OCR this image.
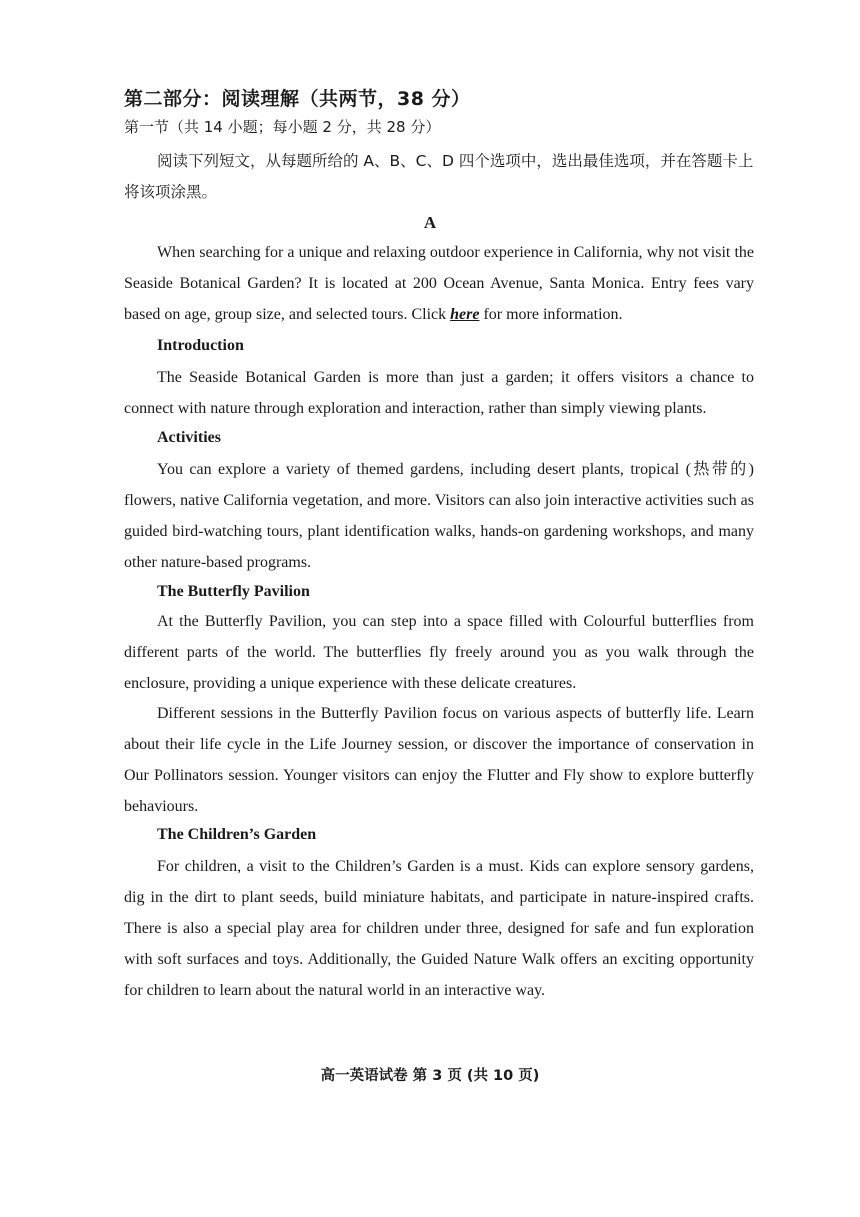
第二部分：阅读理解（共两节，38 分）
第一节（共 14 小题；每小题 2 分，共 28 分）
阅读下列短文，从每题所给的 A、B、C、D 四个选项中，选出最佳选项，并在答题卡上将该项涂黑。
A
When searching for a unique and relaxing outdoor experience in California, why not visit the Seaside Botanical Garden? It is located at 200 Ocean Avenue, Santa Monica. Entry fees vary based on age, group size, and selected tours. Click here for more information.
Introduction
The Seaside Botanical Garden is more than just a garden; it offers visitors a chance to connect with nature through exploration and interaction, rather than simply viewing plants.
Activities
You can explore a variety of themed gardens, including desert plants, tropical (热带的) flowers, native California vegetation, and more. Visitors can also join interactive activities such as guided bird-watching tours, plant identification walks, hands-on gardening workshops, and many other nature-based programs.
The Butterfly Pavilion
At the Butterfly Pavilion, you can step into a space filled with Colourful butterflies from different parts of the world. The butterflies fly freely around you as you walk through the enclosure, providing a unique experience with these delicate creatures.
Different sessions in the Butterfly Pavilion focus on various aspects of butterfly life. Learn about their life cycle in the Life Journey session, or discover the importance of conservation in Our Pollinators session. Younger visitors can enjoy the Flutter and Fly show to explore butterfly behaviours.
The Children’s Garden
For children, a visit to the Children’s Garden is a must. Kids can explore sensory gardens, dig in the dirt to plant seeds, build miniature habitats, and participate in nature-inspired crafts. There is also a special play area for children under three, designed for safe and fun exploration with soft surfaces and toys. Additionally, the Guided Nature Walk offers an exciting opportunity for children to learn about the natural world in an interactive way.
高一英语试卷 第 3 页 (共 10 页)
